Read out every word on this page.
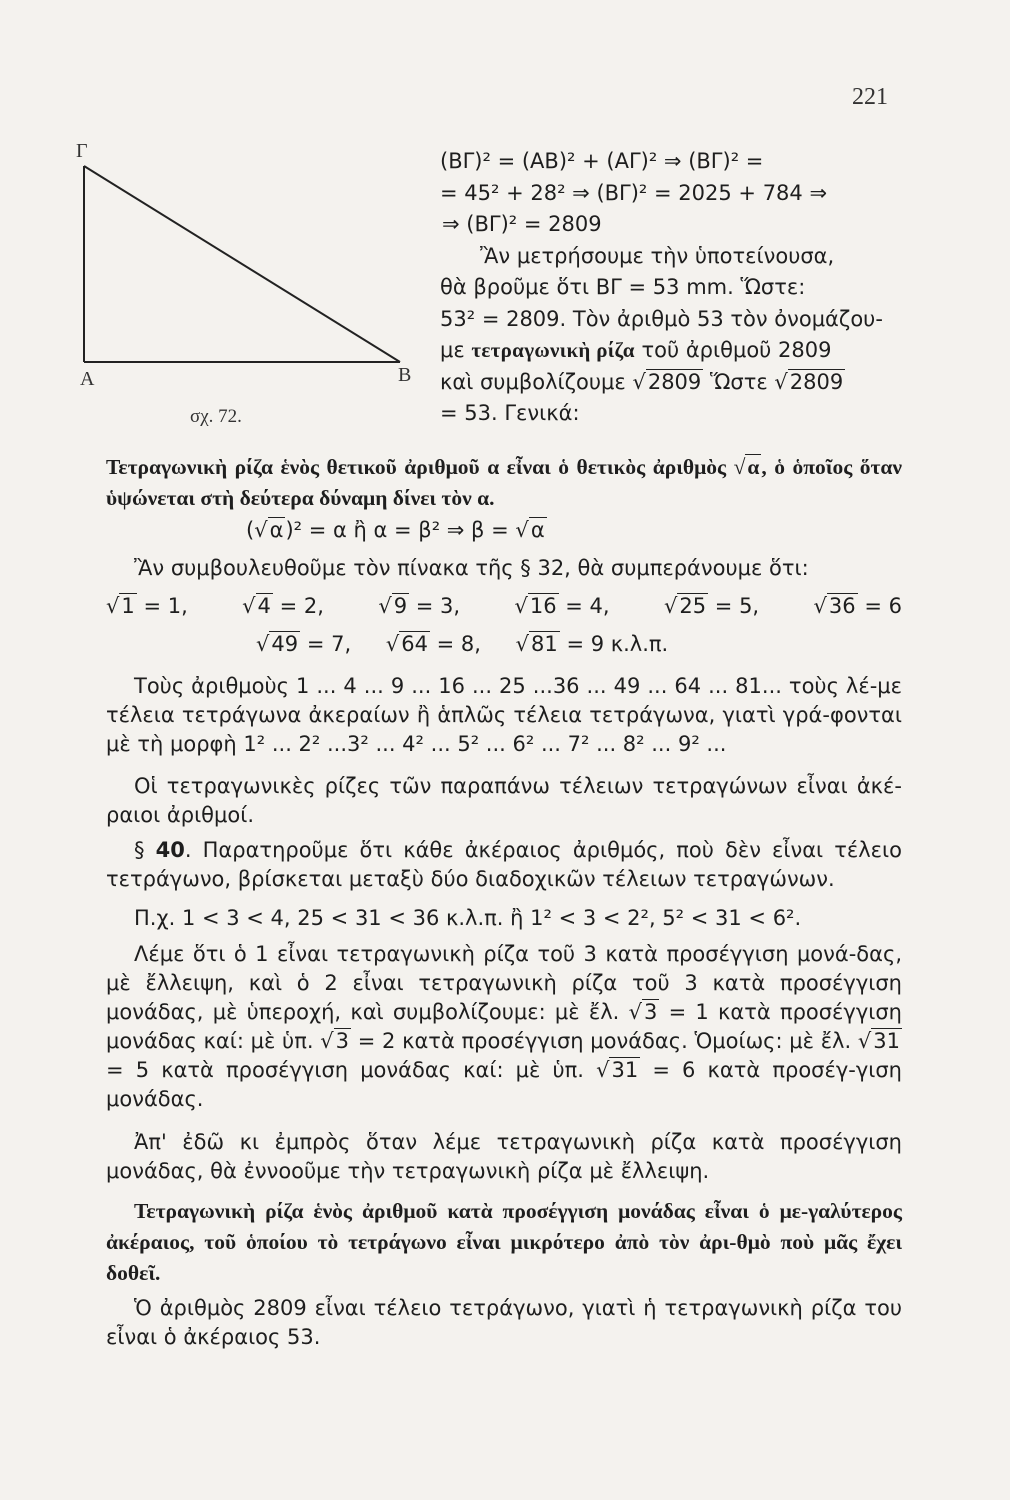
221
Γ
Α	Β
σχ. 72.
(ΒΓ)² = (ΑΒ)² + (ΑΓ)² ⇒ (ΒΓ)² =
= 45² + 28² ⇒ (ΒΓ)² = 2025 + 784 ⇒
⇒ (ΒΓ)² = 2809
Ἂν μετρήσουμε τὴν ὑποτείνουσα,
θὰ βροῦμε ὅτι ΒΓ = 53 mm. Ὥστε:
53² = 2809. Τὸν ἀριθμὸ 53 τὸν ὀνομάζου-
με τετραγωνικὴ ρίζα τοῦ ἀριθμοῦ 2809
καὶ συμβολίζουμε √ 2809 Ὥστε √ 2809
= 53. Γενικά:
Τετραγωνικὴ ρίζα ἑνὸς θετικοῦ ἀριθμοῦ α εἶναι ὁ θετικὸς ἀριθμὸς √ α, ὁ ὁποῖος ὅταν ὑψώνεται στὴ δεύτερα δύναμη δίνει τὸν α.
( √ α)² = α ἢ α = β² ⇒ β = √ α
Ἂν συμβουλευθοῦμε τὸν πίνακα τῆς § 32, θὰ συμπεράνουμε ὅτι:
√ 1 = 1, √	4 = 2, √	9 = 3, √	16 = 4, √	25 = 5, √	36 = 6
√ 49 = 7, √ 64 = 8, √ 81 = 9 κ.λ.π.
Τοὺς ἀριθμοὺς 1 ... 4 ... 9 ... 16 ... 25 ...36 ... 49 ... 64 ... 81... τοὺς λέ-με τέλεια τετράγωνα ἀκεραίων ἢ ἁπλῶς τέλεια τετράγωνα, γιατὶ γρά-φονται μὲ τὴ μορφὴ 1² ... 2² ...3² ... 4² ... 5² ... 6² ... 7² ... 8² ... 9² ...
Οἱ τετραγωνικὲς ρίζες τῶν παραπάνω τέλειων τετραγώνων εἶναι ἀκέ-ραιοι ἀριθμοί.
§ 40. Παρατηροῦμε ὅτι κάθε ἀκέραιος ἀριθμός, ποὺ δὲν εἶναι τέλειο τετράγωνο, βρίσκεται μεταξὺ δύο διαδοχικῶν τέλειων τετραγώνων.
Π.χ. 1 < 3 < 4, 25 < 31 < 36 κ.λ.π. ἢ 1² < 3 < 2², 5² < 31 < 6².
Λέμε ὅτι ὁ 1 εἶναι τετραγωνικὴ ρίζα τοῦ 3 κατὰ προσέγγιση μονά-δας, μὲ ἔλλειψη, καὶ ὁ 2 εἶναι τετραγωνικὴ ρίζα τοῦ 3 κατὰ προσέγγιση μονάδας, μὲ ὑπεροχή, καὶ συμβολίζουμε: μὲ ἔλ. √ 3 = 1 κατὰ προσέγγιση μονάδας καί: μὲ ὑπ. √ 3 = 2 κατὰ προσέγγιση μονάδας. Ὁμοίως: μὲ ἔλ. √ 31 = 5 κατὰ προσέγγιση μονάδας καί: μὲ ὑπ. √ 31 = 6 κατὰ προσέγ-γιση μονάδας.
Ἀπ' ἐδῶ κι ἐμπρὸς ὅταν λέμε τετραγωνικὴ ρίζα κατὰ προσέγγιση μονάδας, θὰ ἐννοοῦμε τὴν τετραγωνικὴ ρίζα μὲ ἔλλειψη.
Τετραγωνικὴ ρίζα ἑνὸς ἀριθμοῦ κατὰ προσέγγιση μονάδας εἶναι ὁ με-γαλύτερος ἀκέραιος, τοῦ ὁποίου τὸ τετράγωνο εἶναι μικρότερο ἀπὸ τὸν ἀρι-θμὸ ποὺ μᾶς ἔχει δοθεῖ.
Ὁ ἀριθμὸς 2809 εἶναι τέλειο τετράγωνο, γιατὶ ἡ τετραγωνικὴ ρίζα του εἶναι ὁ ἀκέραιος 53.
